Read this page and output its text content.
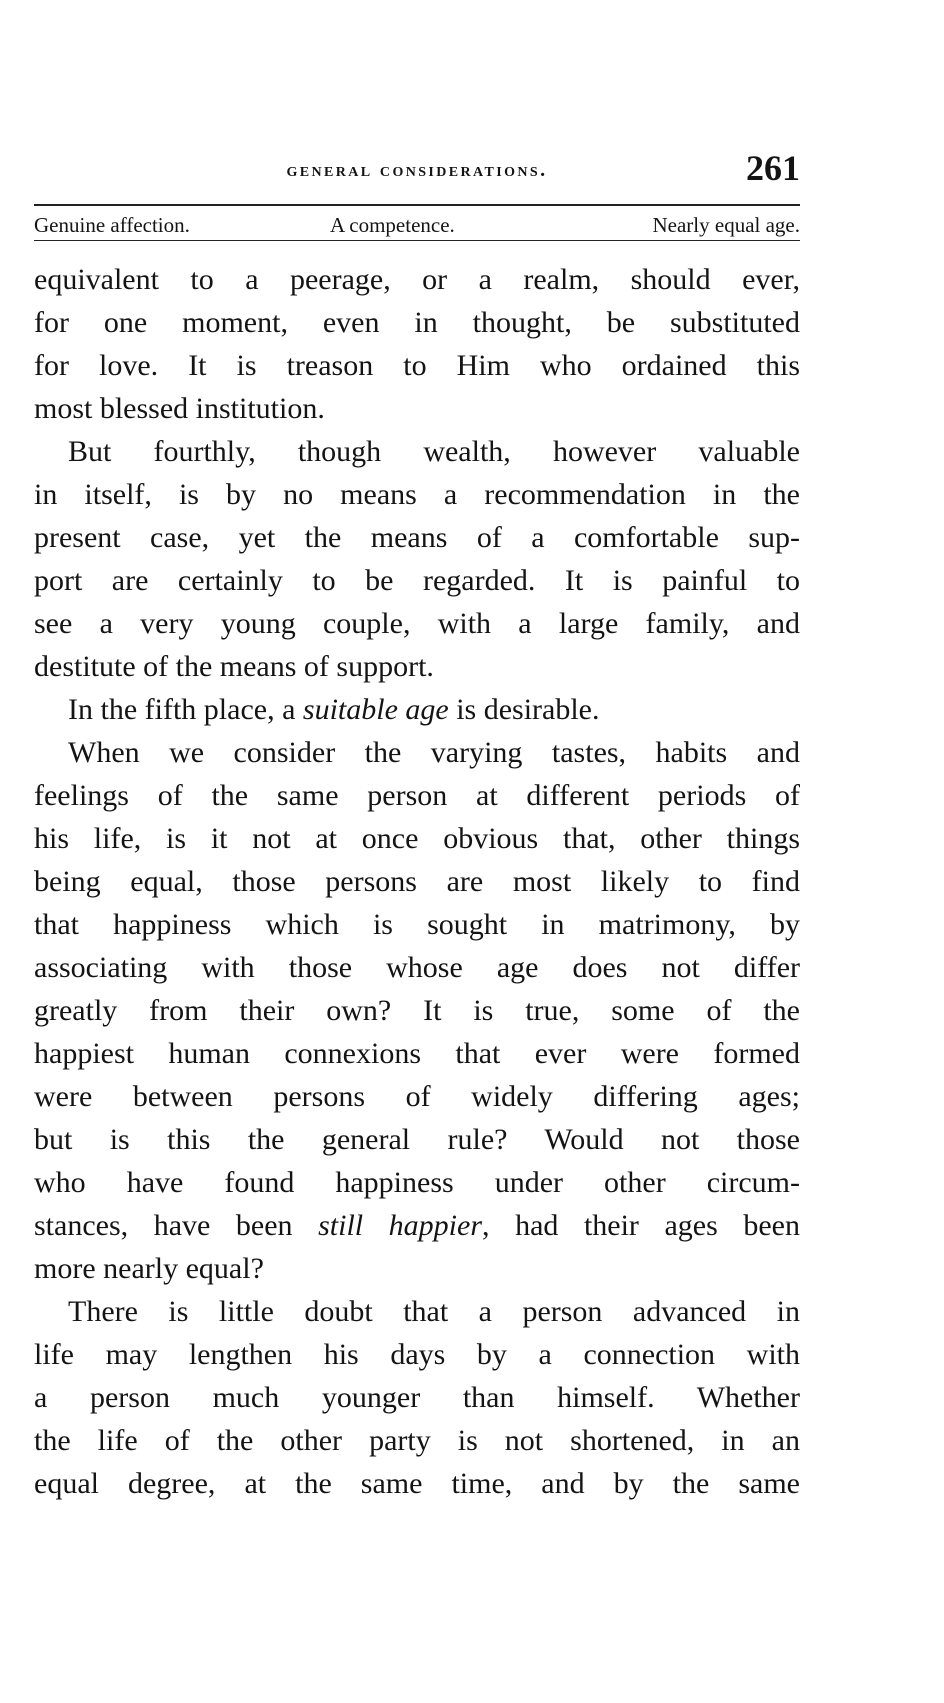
general considerations.	261
Genuine affection.	A competence.	Nearly equal age.
equivalent to a peerage, or a realm, should ever,
for one moment, even in thought, be substituted
for love. It is treason to Him who ordained this
most blessed institution.
But fourthly, though wealth, however valuable
in itself, is by no means a recommendation in the
present case, yet the means of a comfortable sup-
port are certainly to be regarded. It is painful to
see a very young couple, with a large family, and
destitute of the means of support.
In the fifth place, a suitable age is desirable.
When we consider the varying tastes, habits and
feelings of the same person at different periods of
his life, is it not at once obvious that, other things
being equal, those persons are most likely to find
that happiness which is sought in matrimony, by
associating with those whose age does not differ
greatly from their own? It is true, some of the
happiest human connexions that ever were formed
were between persons of widely differing ages;
but is this the general rule? Would not those
who have found happiness under other circum-
stances, have been still happier, had their ages been
more nearly equal?
There is little doubt that a person advanced in
life may lengthen his days by a connection with
a person much younger than himself. Whether
the life of the other party is not shortened, in an
equal degree, at the same time, and by the same
